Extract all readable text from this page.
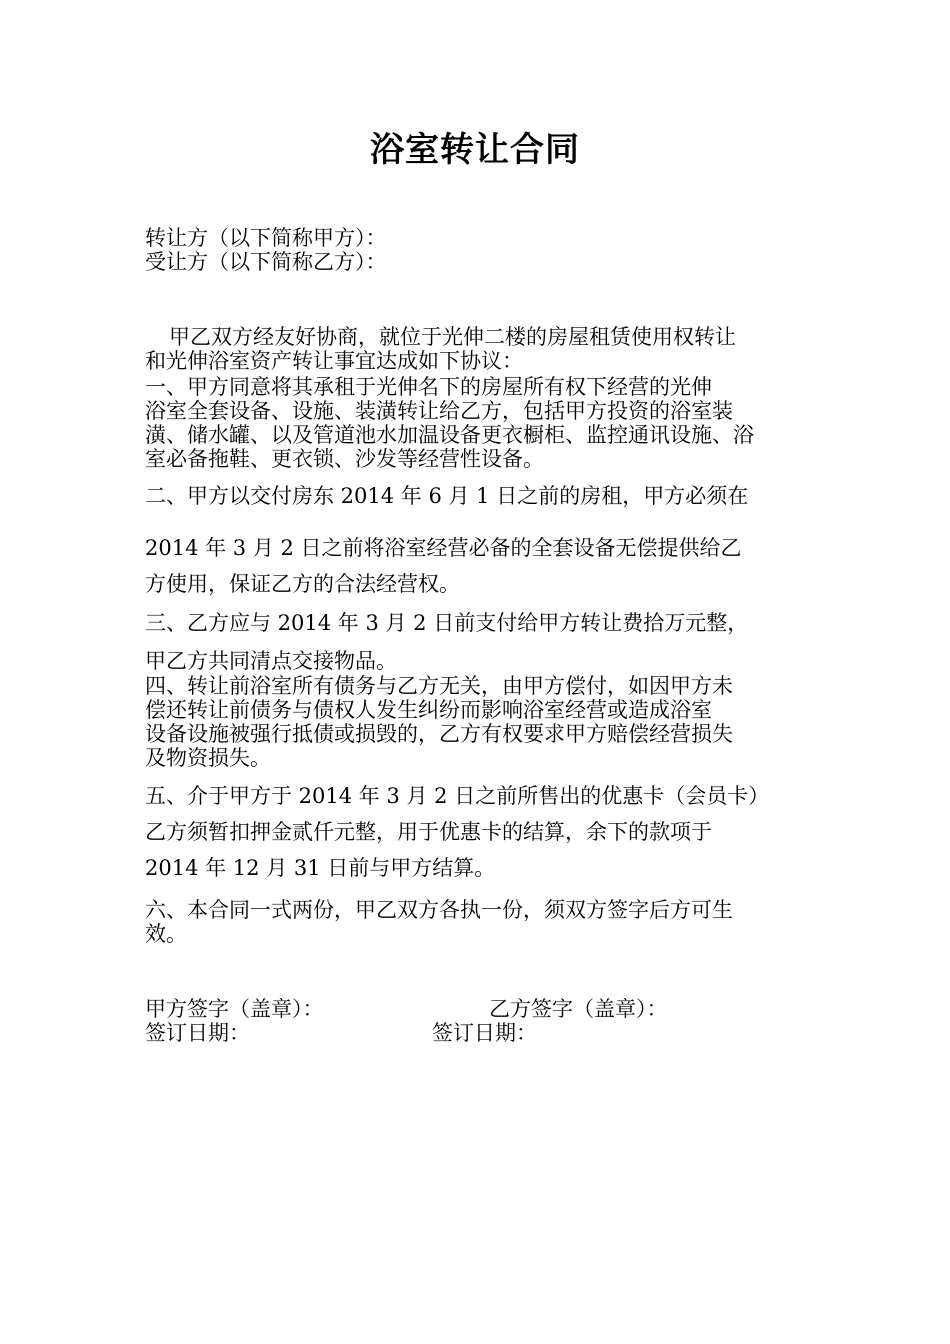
浴室转让合同
转让方（以下简称甲方）：
受让方（以下简称乙方）：
甲乙双方经友好协商，就位于光伸二楼的房屋租赁使用权转让
和光伸浴室资产转让事宜达成如下协议：
一、甲方同意将其承租于光伸名下的房屋所有权下经营的光伸
浴室全套设备、设施、装潢转让给乙方，包括甲方投资的浴室装
潢、储水罐、以及管道池水加温设备更衣橱柜、监控通讯设施、浴
室必备拖鞋、更衣锁、沙发等经营性设备。
二、甲方以交付房东 2014 年 6 月 1 日之前的房租，甲方必须在
2014 年 3 月 2 日之前将浴室经营必备的全套设备无偿提供给乙
方使用，保证乙方的合法经营权。
三、乙方应与 2014 年 3 月 2 日前支付给甲方转让费拾万元整，
甲乙方共同清点交接物品。
四、转让前浴室所有债务与乙方无关，由甲方偿付，如因甲方未
偿还转让前债务与债权人发生纠纷而影响浴室经营或造成浴室
设备设施被强行抵债或损毁的，乙方有权要求甲方赔偿经营损失
及物资损失。
五、介于甲方于 2014 年 3 月 2 日之前所售出的优惠卡（会员卡）
乙方须暂扣押金贰仟元整，用于优惠卡的结算，余下的款项于
2014 年 12 月 31 日前与甲方结算。
六、本合同一式两份，甲乙双方各执一份，须双方签字后方可生
效。
甲方签字（盖章）：	乙方签字（盖章）：
签订日期：	签订日期：
